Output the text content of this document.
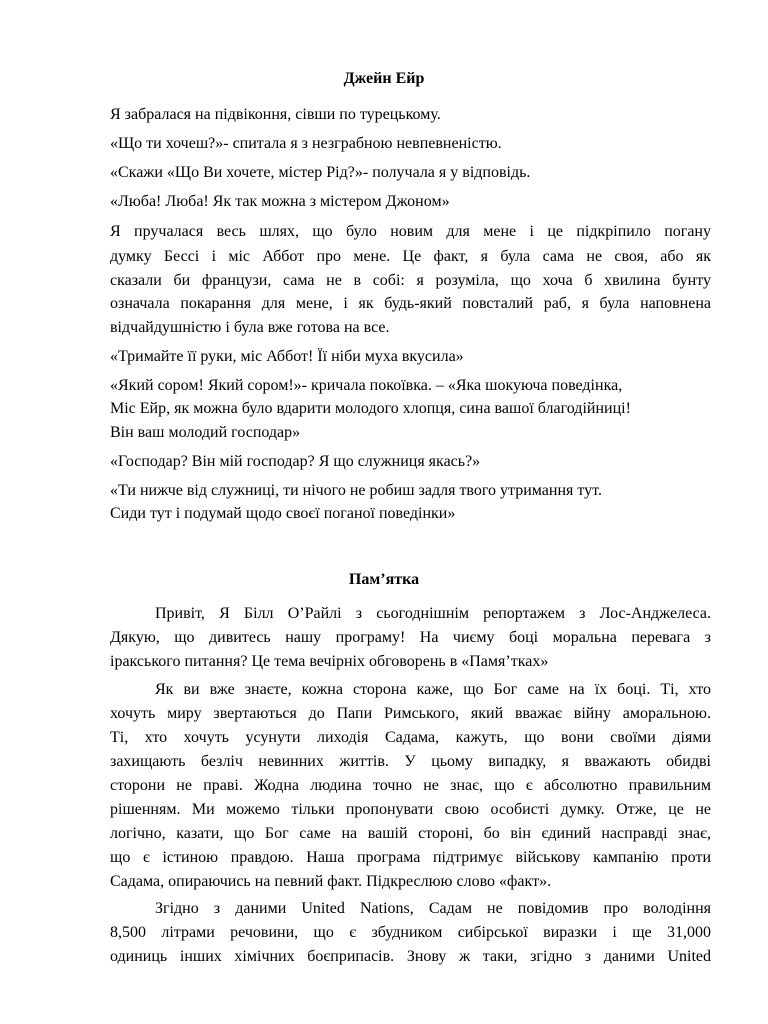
Джейн Ейр

Я забралася на підвіконня, сівши по турецькому.

«Що ти хочеш?»- спитала я з незграбною невпевненістю.

«Скажи «Що Ви хочете, містер Рід?»- получала я у відповідь.

«Люба! Люба! Як так можна з містером Джоном»

Я пручалася весь шлях, що було новим для мене і це підкріпило погану

думку Бессі і міс Аббот про мене. Це факт, я була сама не своя, або як

сказали би французи, сама не в собі: я розуміла, що хоча б хвилина бунту

означала покарання для мене, і як будь-який повсталий раб, я була наповнена

відчайдушністю і була вже готова на все.

«Тримайте її руки, міс Аббот! Її ніби муха вкусила»

«Який сором! Який сором!»- кричала покоївка. – «Яка шокуюча поведінка,

Міс Ейр, як можна було вдарити молодого хлопця, сина вашої благодійниці!

Він ваш молодий господар»

«Господар? Він мій господар? Я що служниця якась?»

«Ти нижче від служниці, ти нічого не робиш задля твого утримання тут.

Сиди тут і подумай щодо своєї поганої поведінки»

Пам’ятка

Привіт, Я Білл О’Райлі з сьогоднішнім репортажем з Лос-Анджелеса.

Дякую, що дивитесь нашу програму! На чиєму боці моральна перевага з

іракського питання? Це тема вечірніх обговорень в «Памя’тках»

Як ви вже знаєте, кожна сторона каже, що Бог саме на їх боці. Ті, хто

хочуть миру звертаються до Папи Римського, який вважає війну аморальною.

Ті, хто хочуть усунути лиходія Садама, кажуть, що вони своїми діями

захищають безліч невинних життів. У цьому випадку, я вважають обидві

сторони не праві. Жодна людина точно не знає, що є абсолютно правильним

рішенням. Ми можемо тільки пропонувати свою особисті думку. Отже, це не

логічно, казати, що Бог саме на вашій стороні, бо він єдиний насправді знає,

що є істиною правдою. Наша програма підтримує військову кампанію проти

Садама, опираючись на певний факт. Підкреслюю слово «факт».

Згідно з даними United Nations, Садам не повідомив про володіння

8,500 літрами речовини, що є збудником сибірської виразки і ще 31,000

одиниць інших хімічних боєприпасів. Знову ж таки, згідно з даними United
